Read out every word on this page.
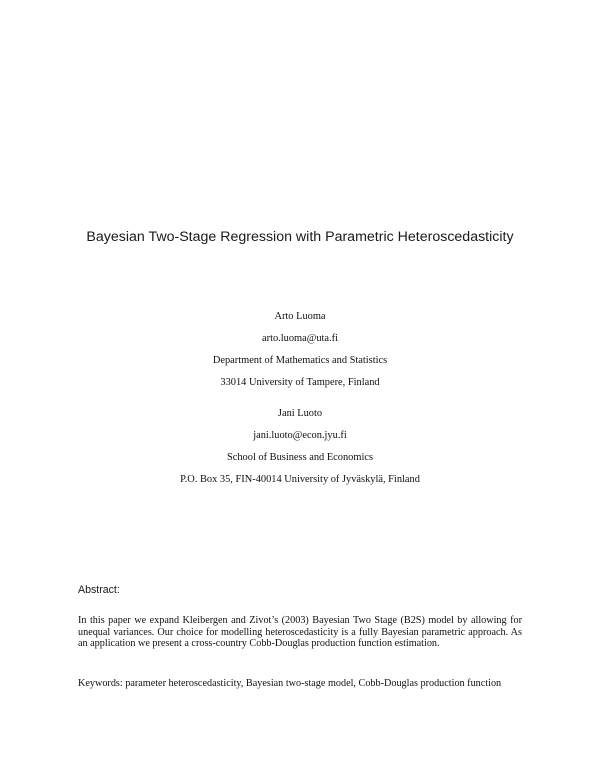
Bayesian Two-Stage Regression with Parametric Heteroscedasticity
Arto Luoma
arto.luoma@uta.fi
Department of Mathematics and Statistics
33014 University of Tampere, Finland
Jani Luoto
jani.luoto@econ.jyu.fi
School of Business and Economics
P.O. Box 35, FIN-40014 University of Jyväskylä, Finland
Abstract:
In this paper we expand Kleibergen and Zivot’s (2003) Bayesian Two Stage (B2S) model by allowing for unequal variances. Our choice for modelling heteroscedasticity is a fully Bayesian parametric approach. As an application we present a cross-country Cobb-Douglas production function estimation.
Keywords: parameter heteroscedasticity, Bayesian two-stage model, Cobb-Douglas production function
